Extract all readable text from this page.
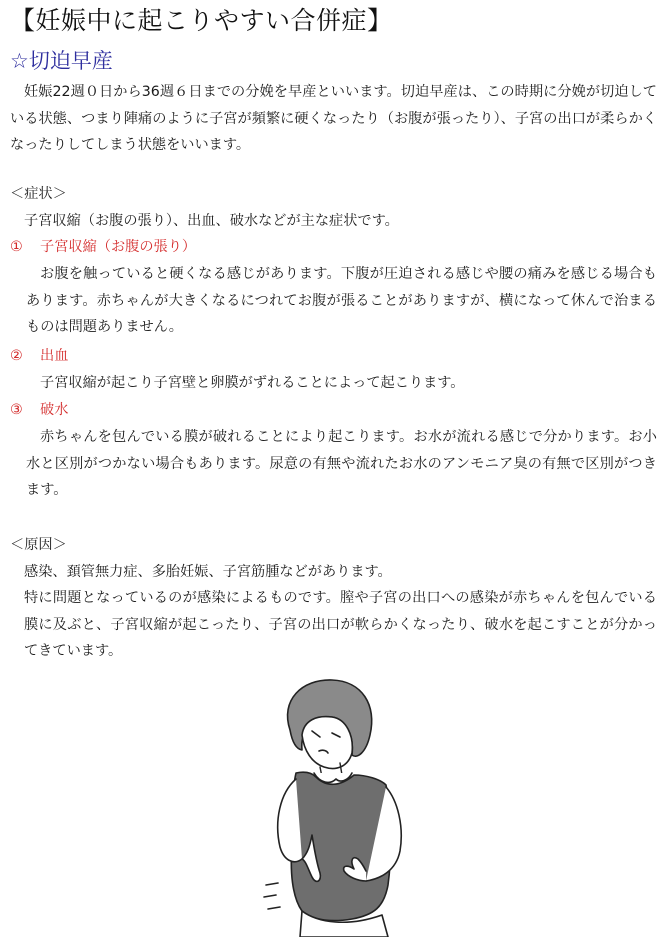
【妊娠中に起こりやすい合併症】
☆切迫早産
妊娠22週０日から36週６日までの分娩を早産といいます。切迫早産は、この時期に分娩が切迫している状態、つまり陣痛のように子宮が頻繁に硬くなったり（お腹が張ったり）、子宮の出口が柔らかくなったりしてしまう状態をいいます。
＜症状＞
子宮収縮（お腹の張り）、出血、破水などが主な症状です。
① 子宮収縮（お腹の張り）
お腹を触っていると硬くなる感じがあります。下腹が圧迫される感じや腰の痛みを感じる場合もあります。赤ちゃんが大きくなるにつれてお腹が張ることがありますが、横になって休んで治まるものは問題ありません。
② 出血
子宮収縮が起こり子宮壁と卵膜がずれることによって起こります。
③ 破水
赤ちゃんを包んでいる膜が破れることにより起こります。お水が流れる感じで分かります。お小水と区別がつかない場合もあります。尿意の有無や流れたお水のアンモニア臭の有無で区別がつきます。
＜原因＞
感染、頚管無力症、多胎妊娠、子宮筋腫などがあります。
特に問題となっているのが感染によるものです。膣や子宮の出口への感染が赤ちゃんを包んでいる膜に及ぶと、子宮収縮が起こったり、子宮の出口が軟らかくなったり、破水を起こすことが分かってきています。
